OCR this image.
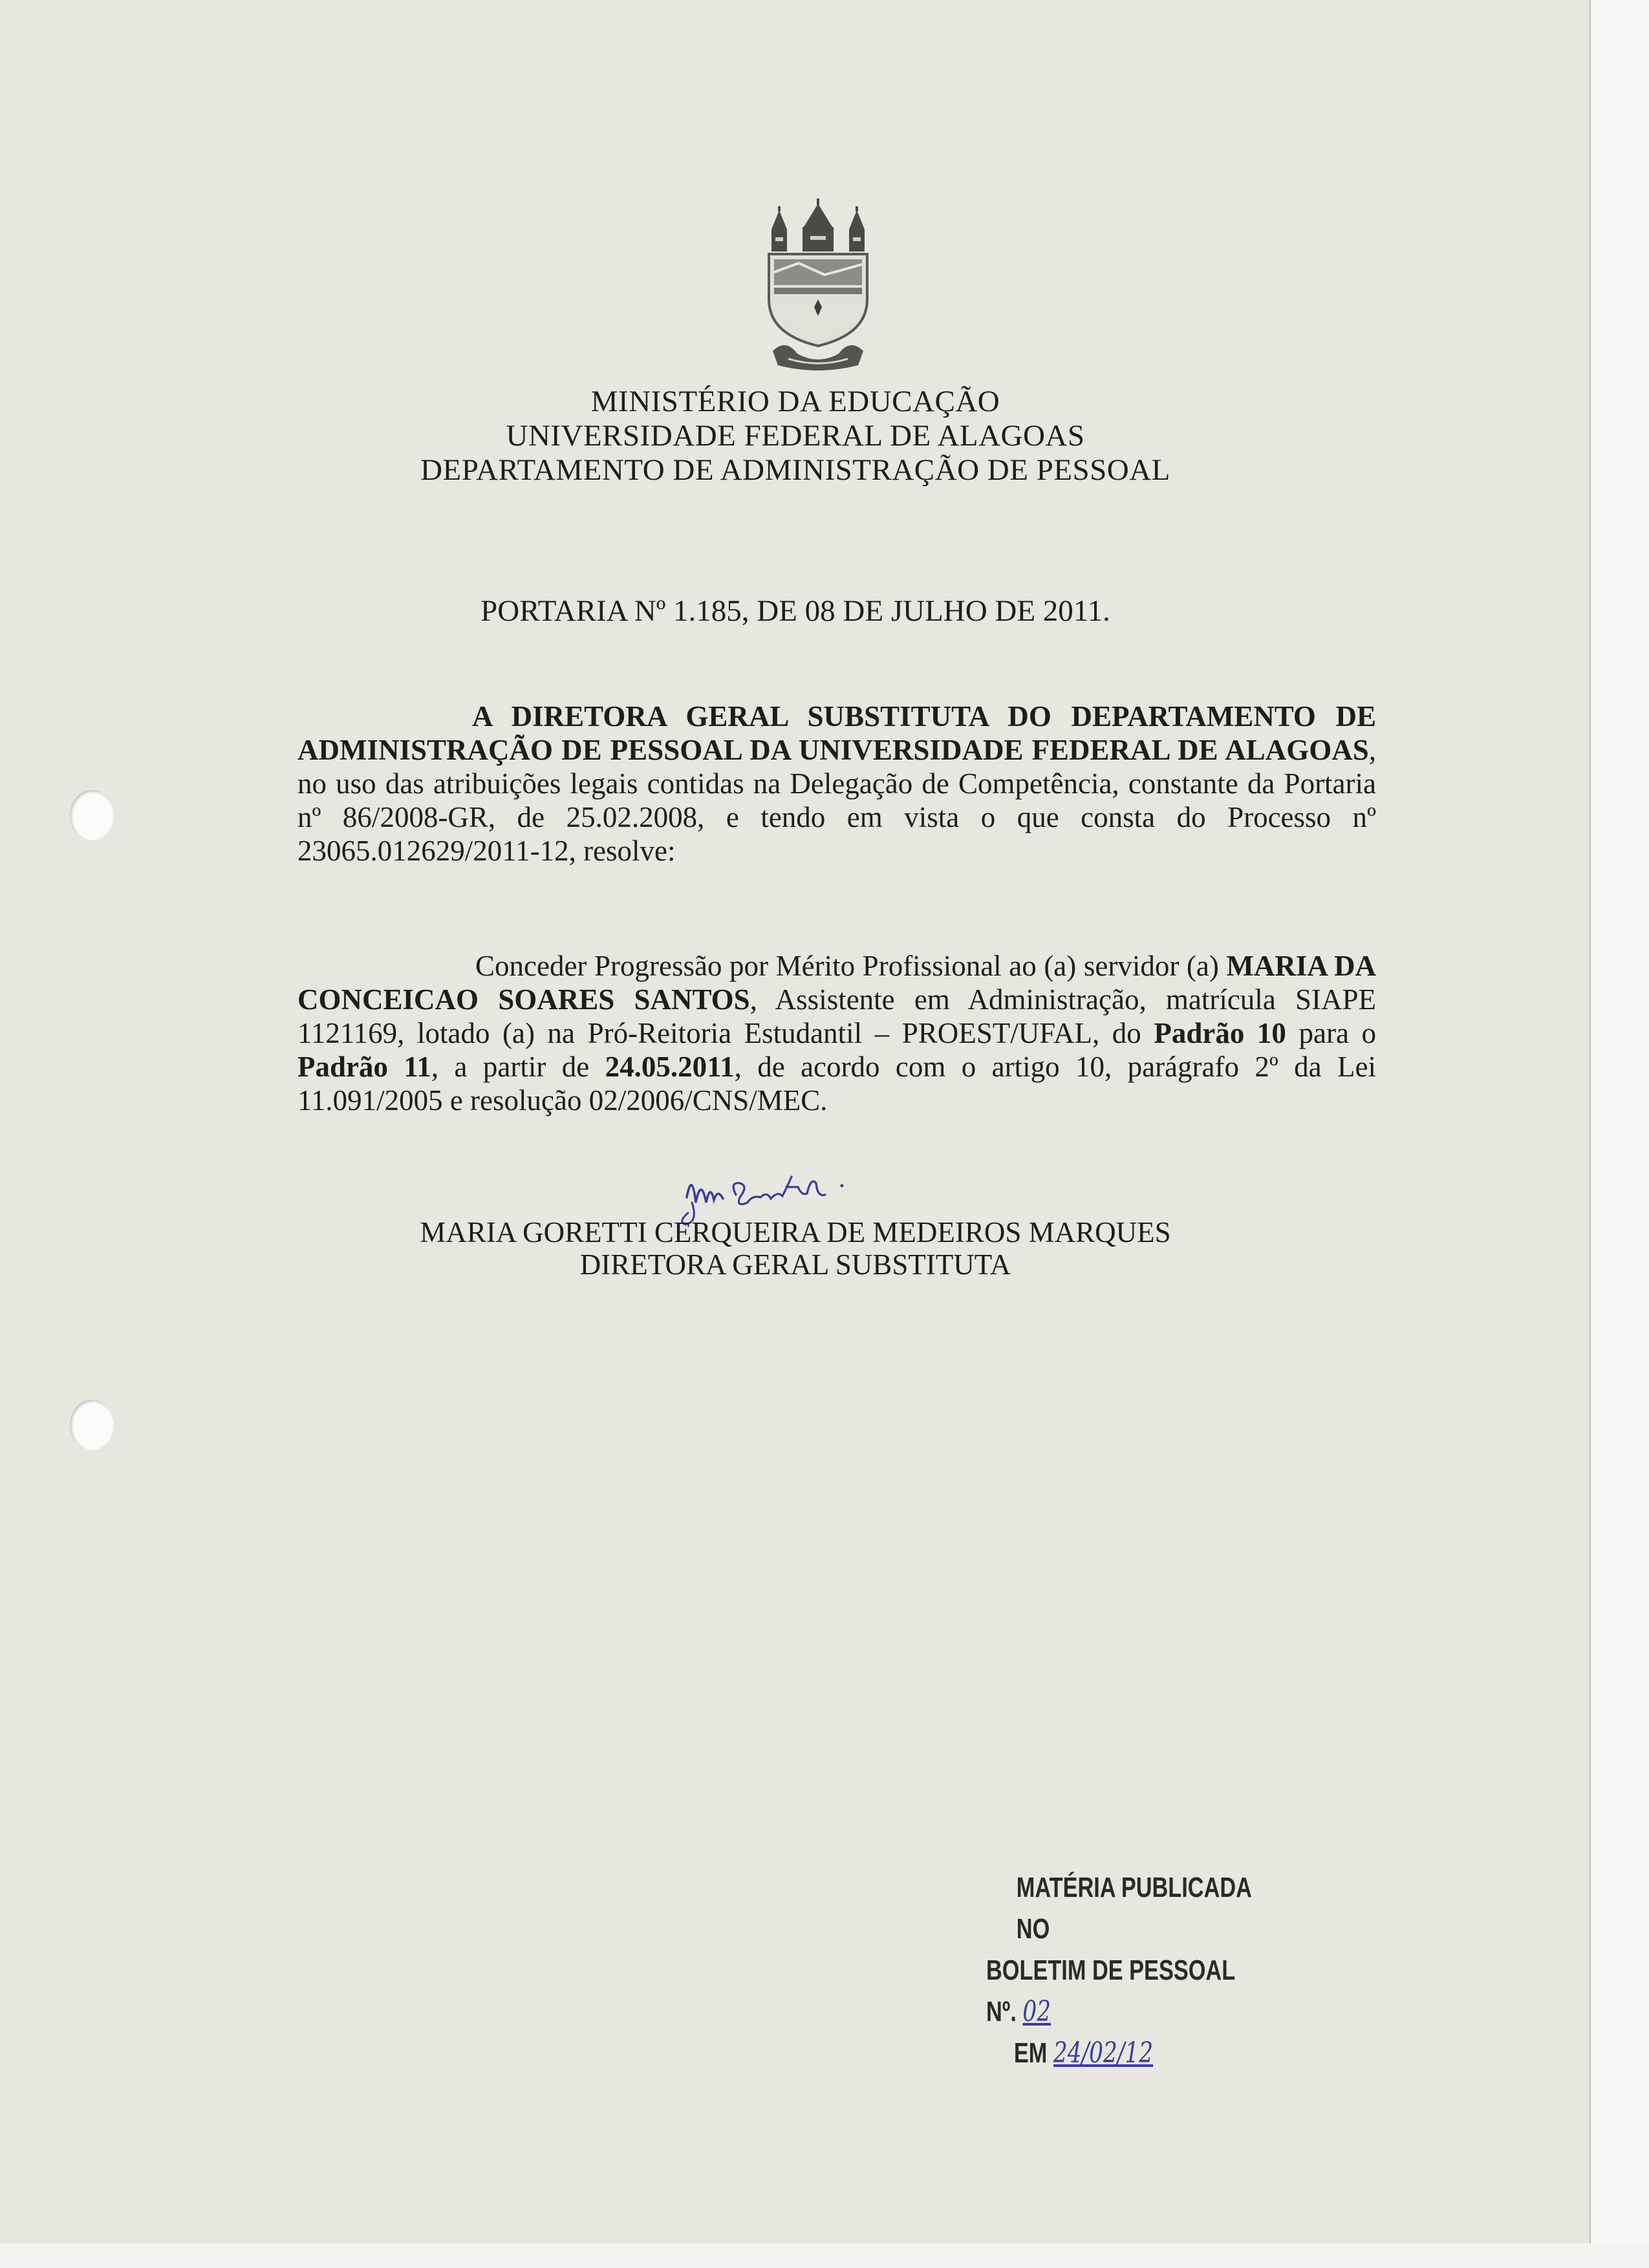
MINISTÉRIO DA EDUCAÇÃO
UNIVERSIDADE FEDERAL DE ALAGOAS
DEPARTAMENTO DE ADMINISTRAÇÃO DE PESSOAL
PORTARIA Nº 1.185, DE 08 DE JULHO DE 2011.
A DIRETORA GERAL SUBSTITUTA DO DEPARTAMENTO DE ADMINISTRAÇÃO DE PESSOAL DA UNIVERSIDADE FEDERAL DE ALAGOAS, no uso das atribuições legais contidas na Delegação de Competência, constante da Portaria nº 86/2008-GR, de 25.02.2008, e tendo em vista o que consta do Processo nº 23065.012629/2011-12, resolve:
Conceder Progressão por Mérito Profissional ao (a) servidor (a) MARIA DA CONCEICAO SOARES SANTOS, Assistente em Administração, matrícula SIAPE 1121169, lotado (a) na Pró-Reitoria Estudantil – PROEST/UFAL, do Padrão 10 para o Padrão 11, a partir de 24.05.2011, de acordo com o artigo 10, parágrafo 2º da Lei 11.091/2005 e resolução 02/2006/CNS/MEC.
MARIA GORETTI CERQUEIRA DE MEDEIROS MARQUES
DIRETORA GERAL SUBSTITUTA
MATÉRIA PUBLICADA NO
BOLETIM DE PESSOAL Nº. 02
EM 24/02/12
